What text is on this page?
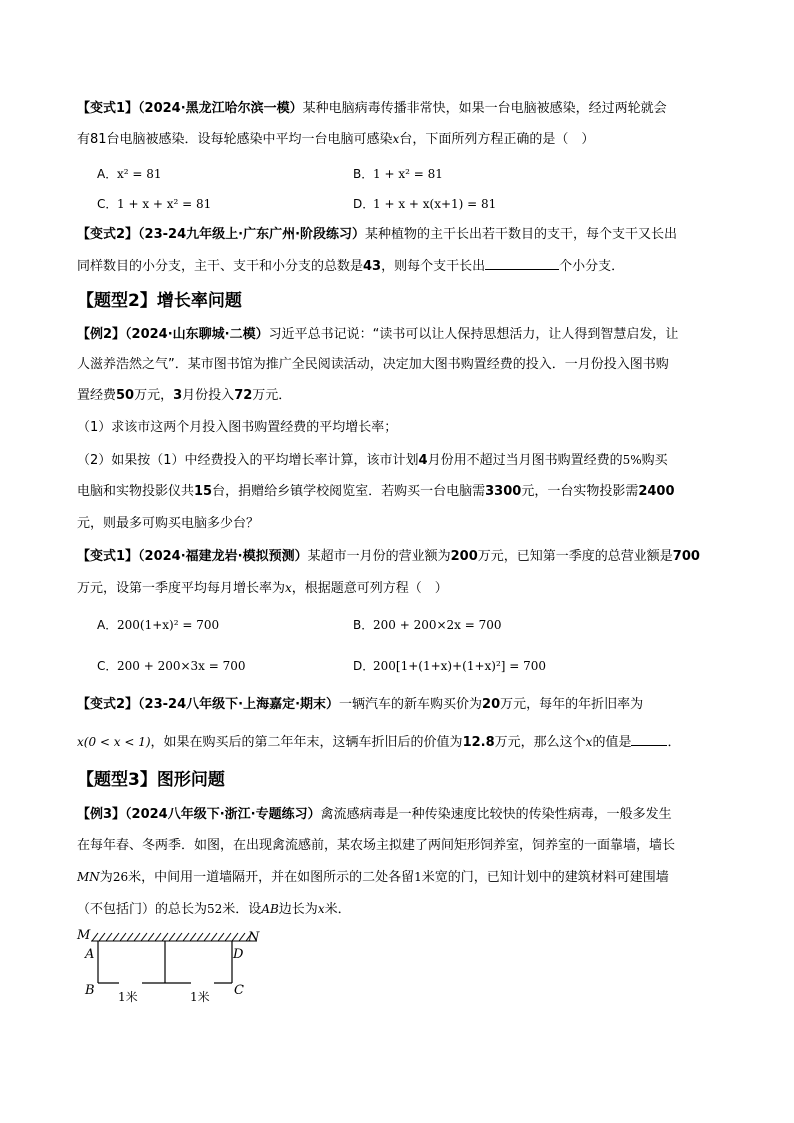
【变式1】（2024·黑龙江哈尔滨一模）某种电脑病毒传播非常快，如果一台电脑被感染，经过两轮就会
有81台电脑被感染．设每轮感染中平均一台电脑可感染x台，下面所列方程正确的是（　）
A．x² = 81	B．1 + x² = 81
C．1 + x + x² = 81	D．1 + x + x(x+1) = 81
【变式2】（23-24九年级上·广东广州·阶段练习）某种植物的主干长出若干数目的支干，每个支干又长出
同样数目的小分支，主干、支干和小分支的总数是43，则每个支干长出	个小分支．
【题型2】增长率问题
【例2】（2024·山东聊城·二模）习近平总书记说：“读书可以让人保持思想活力，让人得到智慧启发，让
人滋养浩然之气”．某市图书馆为推广全民阅读活动，决定加大图书购置经费的投入．一月份投入图书购
置经费50万元，3月份投入72万元．
（1）求该市这两个月投入图书购置经费的平均增长率；
（2）如果按（1）中经费投入的平均增长率计算，该市计划4月份用不超过当月图书购置经费的5%购买
电脑和实物投影仪共15台，捐赠给乡镇学校阅览室．若购买一台电脑需3300元，一台实物投影需2400
元，则最多可购买电脑多少台？
【变式1】（2024·福建龙岩·模拟预测）某超市一月份的营业额为200万元，已知第一季度的总营业额是700
万元，设第一季度平均每月增长率为x，根据题意可列方程（　）
A．200(1+x)² = 700	B．200 + 200×2x = 700
C．200 + 200×3x = 700	D．200[1+(1+x)+(1+x)²] = 700
【变式2】（23-24八年级下·上海嘉定·期末）一辆汽车的新车购买价为20万元，每年的年折旧率为
x(0 < x < 1)，如果在购买后的第二年年末，这辆车折旧后的价值为12.8万元，那么这个x的值是	．
【题型3】图形问题
【例3】（2024八年级下·浙江·专题练习）禽流感病毒是一种传染速度比较快的传染性病毒，一般多发生
在每年春、冬两季．如图，在出现禽流感前，某农场主拟建了两间矩形饲养室，饲养室的一面靠墙，墙长
MN为26米，中间用一道墙隔开，并在如图所示的二处各留1米宽的门，已知计划中的建筑材料可建围墙
（不包括门）的总长为52米．设AB边长为x米．
M	N
A	D
B	C
1米	1米
